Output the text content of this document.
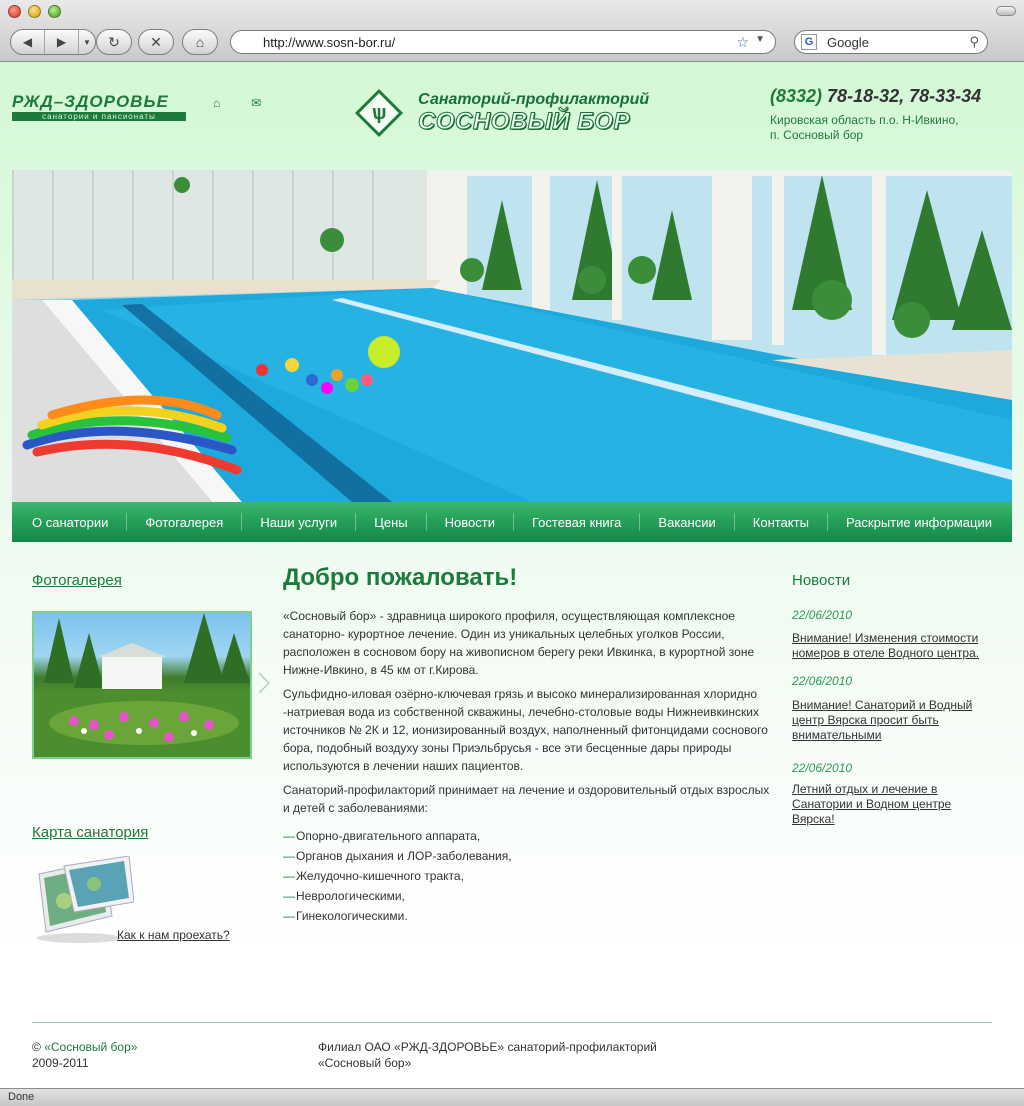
◀ ▶ ▼ ↻ ✕ ⌂	http://www.sosn-bor.ru/	☆ ▼	G	Google	⚲
РЖД–ЗДОРОВЬЕ
санатории и пансионаты
⌂	✉	ѱ
Санаторий-профилакторий
СОСНОВЫЙ БОР
(8332) 78-18-32, 78-33-34
Кировская область п.о. Н-Ивкино,
п. Сосновый бор
О санатории	Фотогалерея	Наши услуги	Цены	Новости	Гостевая книга	Вакансии	Контакты	Раскрытие информации
Фотогалерея
Карта санатория
Как к нам проехать?
Добро пожаловать!

«Сосновый бор» - здравница широкого профиля, осуществляющая комплексное санаторно- курортное лечение. Один из уникальных целебных уголков России, расположен в сосновом бору на живописном берегу реки Ивкинка, в курортной зоне Нижне-Ивкино, в 45 км от г.Кирова.

Сульфидно-иловая озёрно-ключевая грязь и высоко минерализированная хлоридно -натриевая вода из собственной скважины, лечебно-столовые воды Нижнеивкинских источников № 2К и 12, ионизированный воздух, наполненный фитонцидами соснового бора, подобный воздуху зоны Приэльбрусья - все эти бесценные дары природы используются в лечении наших пациентов.

Санаторий-профилакторий принимает на лечение и оздоровительный отдых взрослых и детей с заболеваниями:

— Опорно-двигательного аппарата,
— Органов дыхания и ЛОР-заболевания,
— Желудочно-кишечного тракта,
— Неврологическими,
— Гинекологическими.
Новости
22/06/2010
Внимание! Изменения стоимости номеров в отеле Водного центра.
22/06/2010
Внимание! Санаторий и Водный центр Вярска просит быть внимательными
22/06/2010
Летний отдых и лечение в Санатории и Водном центре Вярска!
© «Сосновый бор»
2009-2011
Филиал ОАО «РЖД-ЗДОРОВЬЕ» санаторий-профилакторий
«Сосновый бор»
Done
